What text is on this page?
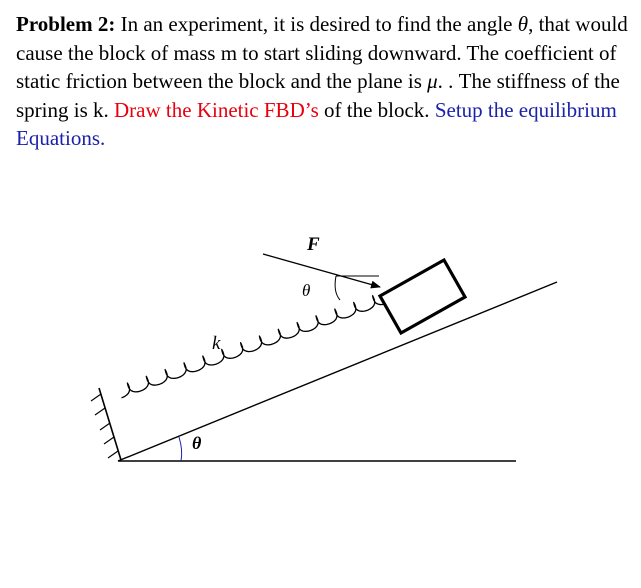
Problem 2: In an experiment, it is desired to find the angle θ, that would cause the block of mass m to start sliding downward. The coefficient of static friction between the block and the plane is μ. . The stiffness of the spring is k. Draw the Kinetic FBD’s of the block. Setup the equilibrium Equations.
F
θ
k
θ
